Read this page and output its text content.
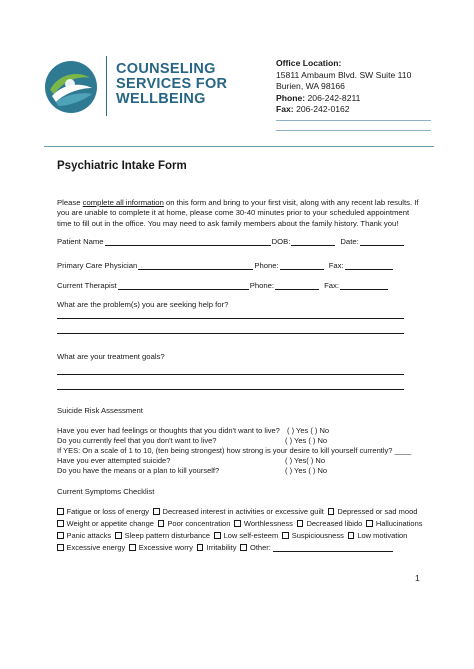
COUNSELING
SERVICES FOR
WELLBEING
Office Location:
15811 Ambaum Blvd. SW Suite 110
Burien, WA 98166
Phone: 206-242-8211
Fax: 206-242-0162
Psychiatric Intake Form
Please complete all information on this form and bring to your first visit, along with any recent lab results. If you are unable to complete it at home, please come 30-40 minutes prior to your scheduled appointment time to fill out in the office. You may need to ask family members about the family history. Thank you!
Patient Name	DOB:	Date:
Primary Care Physician	Phone:	Fax:
Current Therapist	Phone:	Fax:
What are the problem(s) you are seeking help for?
What are your treatment goals?
Suicide Risk Assessment
Have you ever had feelings or thoughts that you didn't want to live? ( ) Yes ( ) No
Do you currently feel that you don't want to live?	( ) Yes ( ) No
If YES: On a scale of 1 to 10, (ten being strongest) how strong is your desire to kill yourself currently? ____
Have you ever attempted suicide?	( ) Yes( ) No
Do you have the means or a plan to kill yourself?	( ) Yes ( ) No
Current Symptoms Checklist
Fatigue or loss of energy Decreased interest in activities or excessive guilt Depressed or sad mood
Weight or appetite change Poor concentration Worthlessness Decreased libido Hallucinations
Panic attacks Sleep pattern disturbance Low self-esteem Suspiciousness Low motivation
Excessive energy Excessive worry Irritability Other:
1
